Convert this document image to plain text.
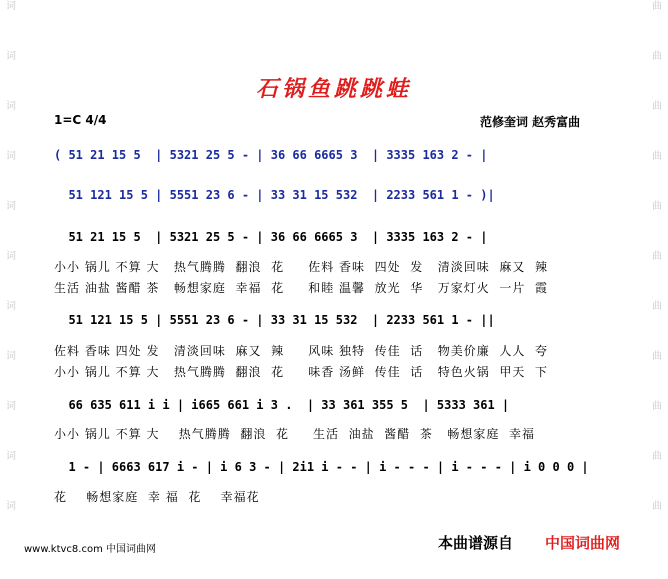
词
词
词
词
词
词
词
词
词
词
词
曲
曲
曲
曲
曲
曲
曲
曲
曲
曲
曲
石锅鱼跳跳蛙
1=C 4/4	范修奎词 赵秀富曲
( 51 21 15 5  | 5321 25 5 - | 36 66 6665 3  | 3335 163 2 - |
51 121 15 5 | 5551 23 6 - | 33 31 15 532  | 2233 561 1 - )|
51 21 15 5  | 5321 25 5 - | 36 66 6665 3  | 3335 163 2 - |
小小 锅儿 不算 大   热气腾腾  翻浪  花     佐料 香味  四处  发   清淡回味  麻又  辣
生活 油盐 酱醋 茶   畅想家庭  幸福  花     和睦 温馨  放光  华   万家灯火  一片  霞
51 121 15 5 | 5551 23 6 - | 33 31 15 532  | 2233 561 1 - ||
佐料 香味 四处 发   清淡回味  麻又  辣     风味 独特  传佳  话   物美价廉  人人  夸
小小 锅儿 不算 大   热气腾腾  翻浪  花     味香 汤鲜  传佳  话   特色火锅  甲天  下
66 635 611 i i | i665 661 i 3 .  | 33 361 355 5  | 5333 361 |
小小 锅儿 不算 大    热气腾腾  翻浪  花     生活  油盐  酱醋  茶   畅想家庭  幸福
1 - | 6663 617 i - | i 6 3 - | 2i1 i - - | i - - - | i - - - | i 0 0 0 |
花    畅想家庭  幸 福  花    幸福花
www.ktvc8.com 中国词曲网	本曲谱源自 中国词曲网
